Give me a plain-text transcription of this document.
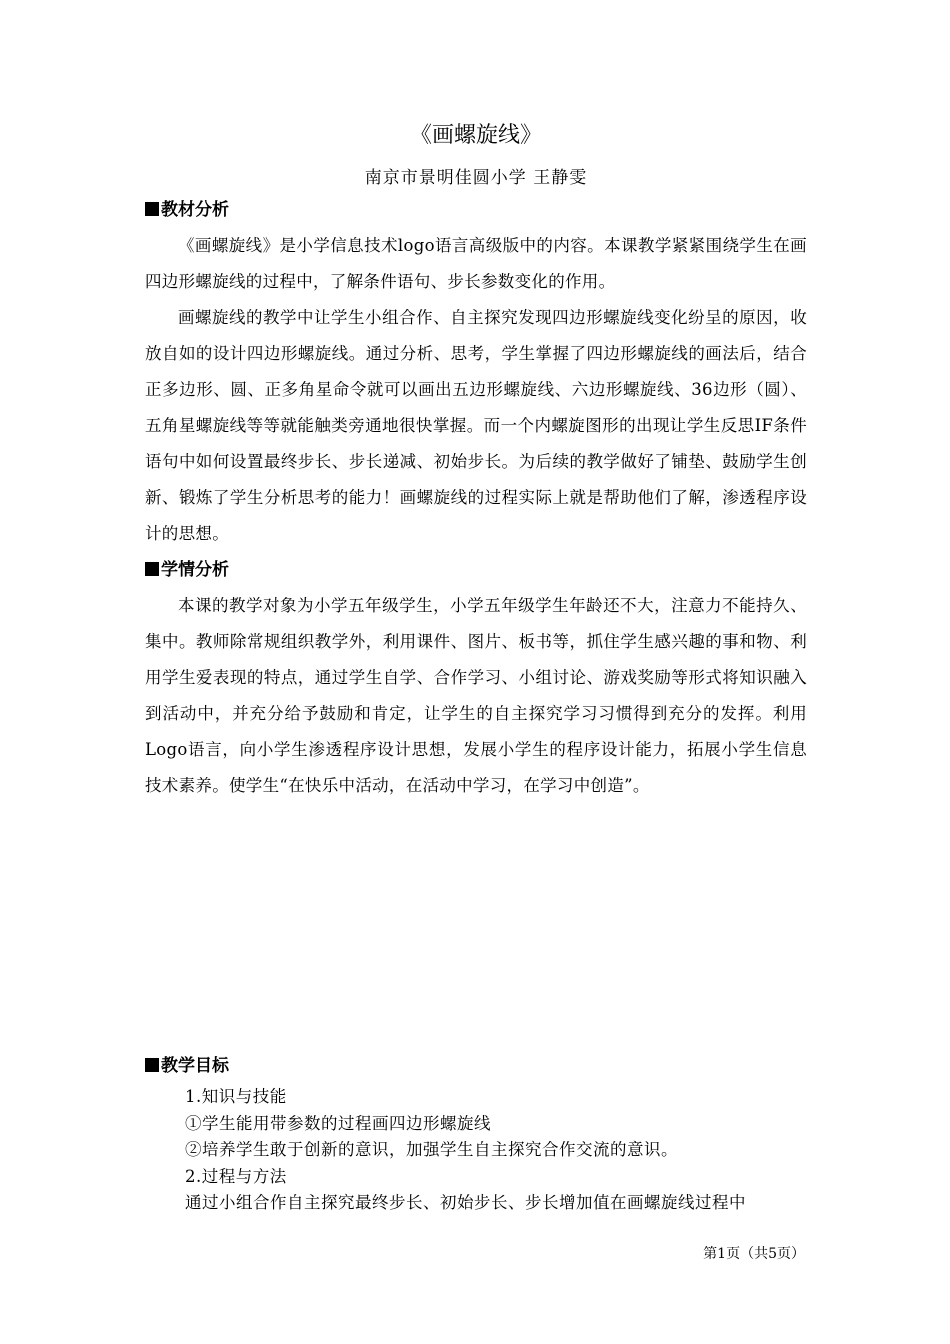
《画螺旋线》
南京市景明佳圆小学 王静雯
教材分析

《画螺旋线》是小学信息技术logo语言高级版中的内容。本课教学紧紧围绕学生在画四边形螺旋线的过程中，了解条件语句、步长参数变化的作用。

画螺旋线的教学中让学生小组合作、自主探究发现四边形螺旋线变化纷呈的原因，收放自如的设计四边形螺旋线。通过分析、思考，学生掌握了四边形螺旋线的画法后，结合正多边形、圆、正多角星命令就可以画出五边形螺旋线、六边形螺旋线、36边形（圆）、五角星螺旋线等等就能触类旁通地很快掌握。而一个内螺旋图形的出现让学生反思IF条件语句中如何设置最终步长、步长递减、初始步长。为后续的教学做好了铺垫、鼓励学生创新、锻炼了学生分析思考的能力！画螺旋线的过程实际上就是帮助他们了解，渗透程序设计的思想。

学情分析

本课的教学对象为小学五年级学生，小学五年级学生年龄还不大，注意力不能持久、集中。教师除常规组织教学外，利用课件、图片、板书等，抓住学生感兴趣的事和物、利用学生爱表现的特点，通过学生自学、合作学习、小组讨论、游戏奖励等形式将知识融入到活动中，并充分给予鼓励和肯定，让学生的自主探究学习习惯得到充分的发挥。利用Logo语言，向小学生渗透程序设计思想，发展小学生的程序设计能力，拓展小学生信息技术素养。使学生“在快乐中活动，在活动中学习，在学习中创造”。

教学目标

1.知识与技能

①学生能用带参数的过程画四边形螺旋线

②培养学生敢于创新的意识，加强学生自主探究合作交流的意识。

2.过程与方法

通过小组合作自主探究最终步长、初始步长、步长增加值在画螺旋线过程中

第1页（共5页）
